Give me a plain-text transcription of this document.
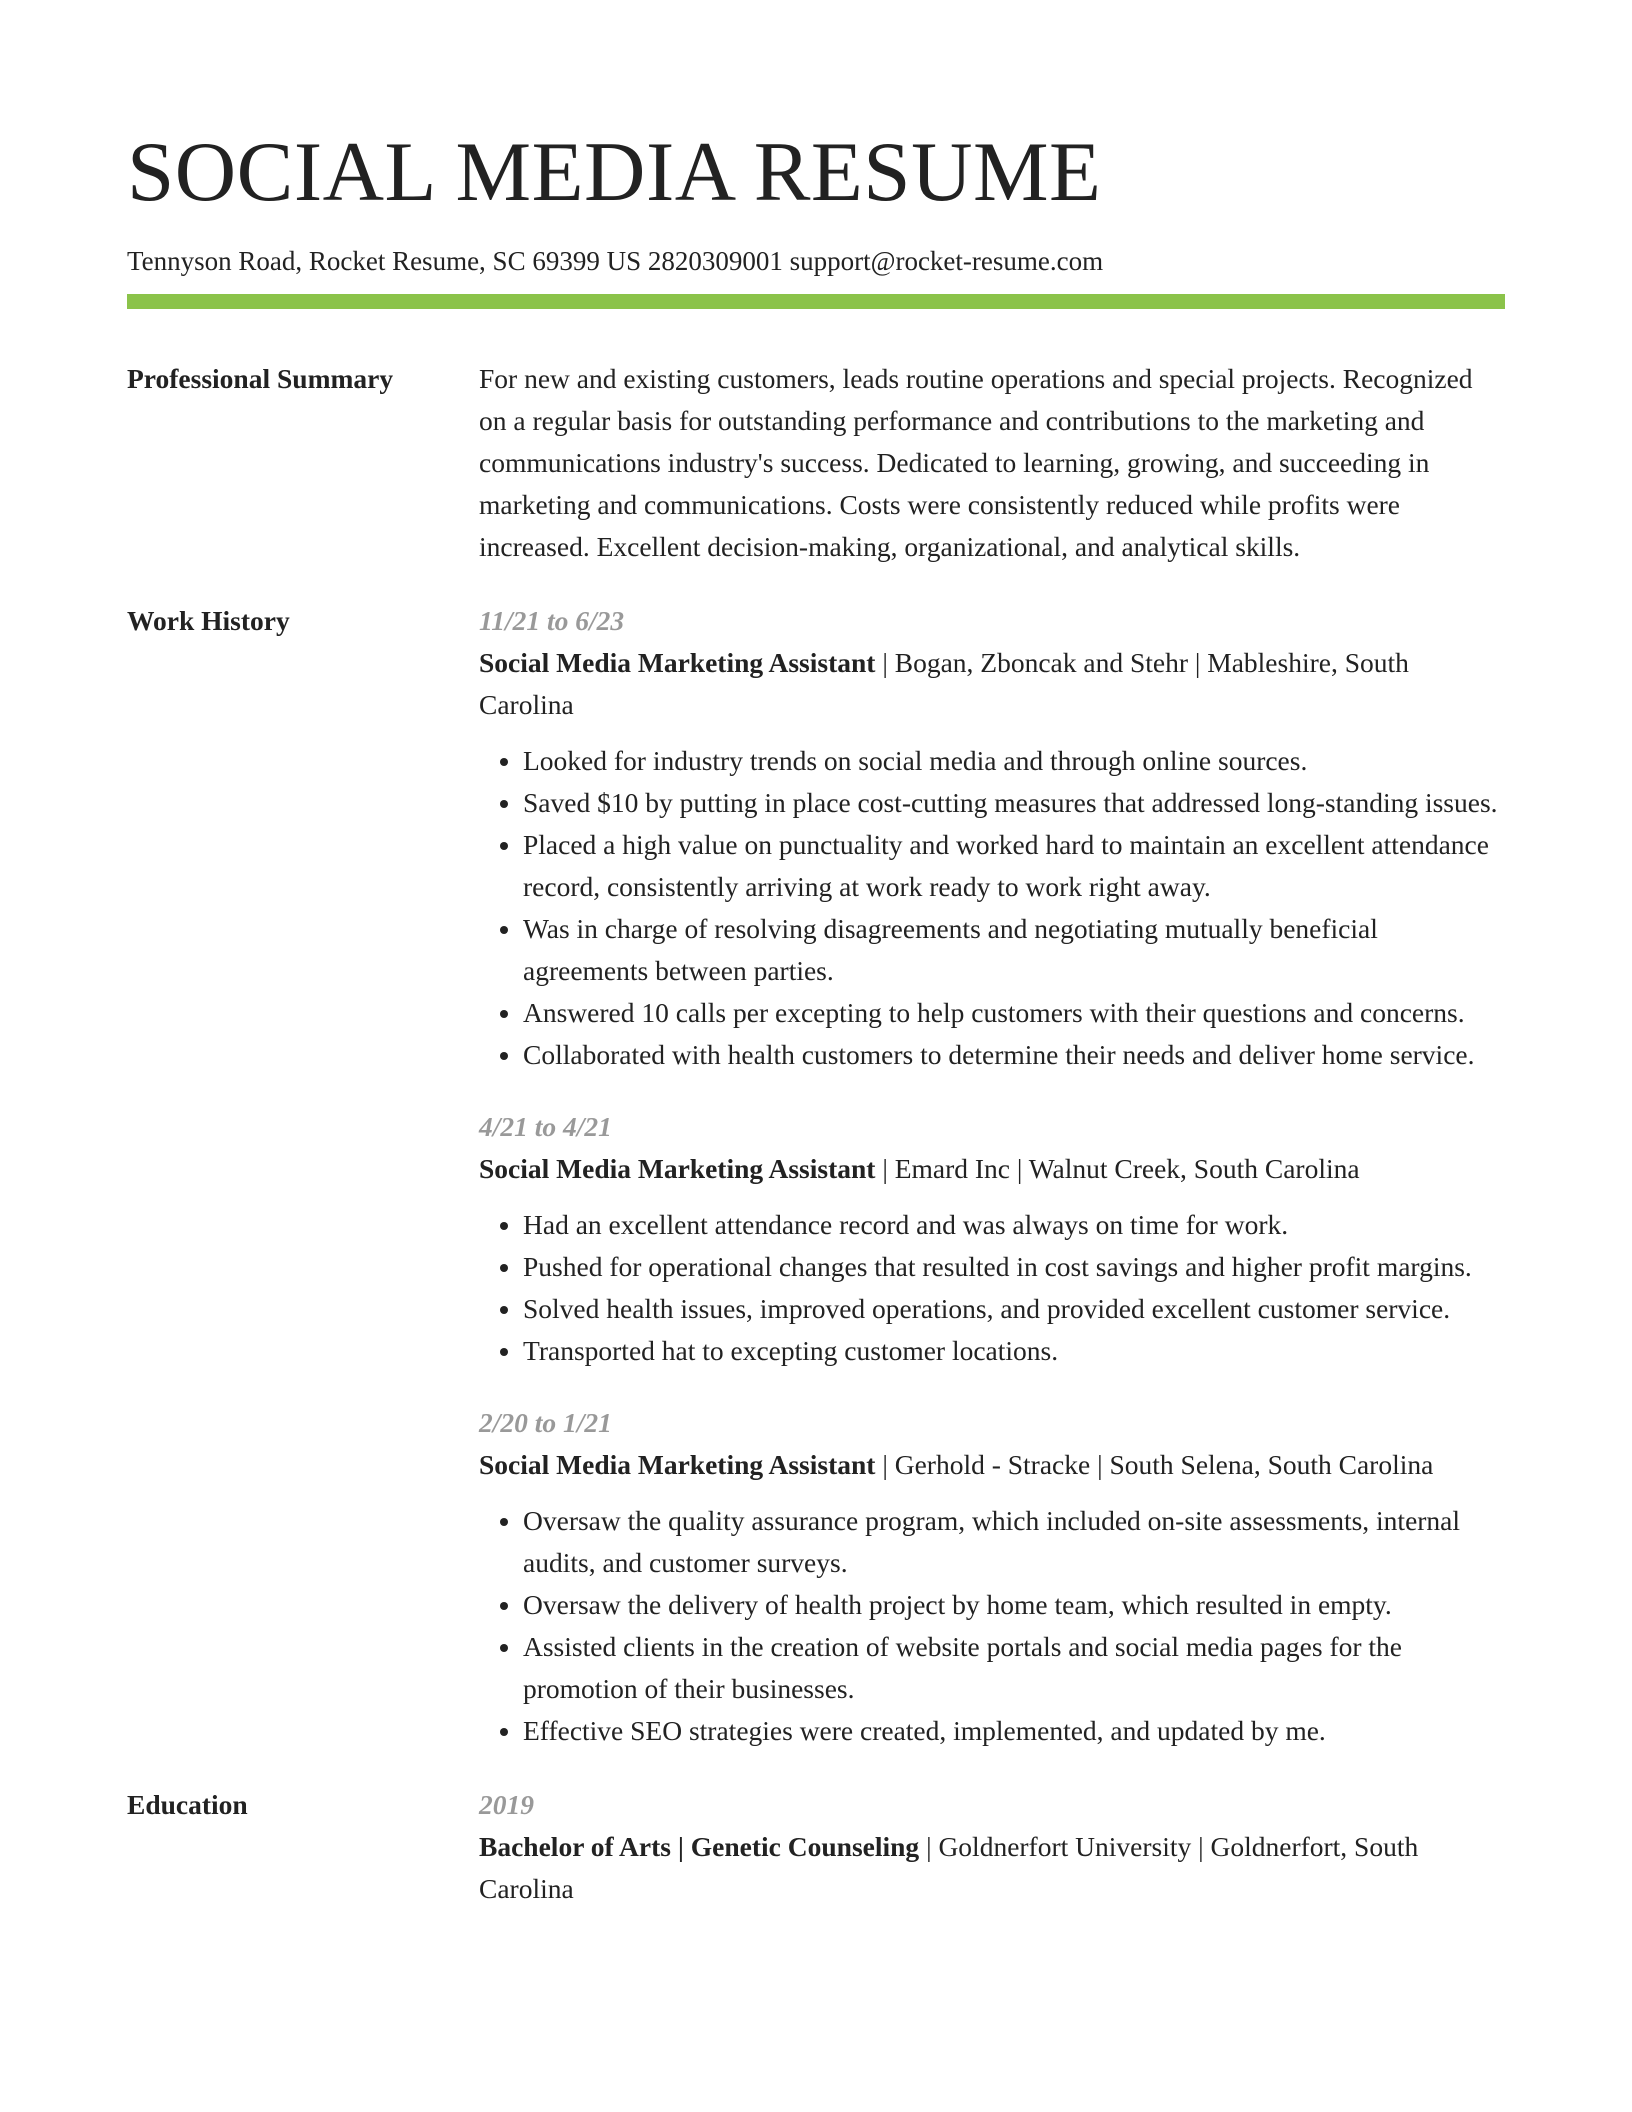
SOCIAL MEDIA RESUME
Tennyson Road, Rocket Resume, SC 69399 US 2820309001 support@rocket-resume.com
Professional Summary	For new and existing customers, leads routine operations and special projects. Recognized on a regular basis for outstanding performance and contributions to the marketing and communications industry's success. Dedicated to learning, growing, and succeeding in marketing and communications. Costs were consistently reduced while profits were increased. Excellent decision-making, organizational, and analytical skills.

Work History	11/21 to 6/23

Social Media Marketing Assistant | Bogan, Zboncak and Stehr | Mableshire, South Carolina

• Looked for industry trends on social media and through online sources.
• Saved $10 by putting in place cost-cutting measures that addressed long-standing issues.
• Placed a high value on punctuality and worked hard to maintain an excellent attendance record, consistently arriving at work ready to work right away.
• Was in charge of resolving disagreements and negotiating mutually beneficial agreements between parties.
• Answered 10 calls per excepting to help customers with their questions and concerns.
• Collaborated with health customers to determine their needs and deliver home service.
4/21 to 4/21

Social Media Marketing Assistant | Emard Inc | Walnut Creek, South Carolina

• Had an excellent attendance record and was always on time for work.
• Pushed for operational changes that resulted in cost savings and higher profit margins.
• Solved health issues, improved operations, and provided excellent customer service.
• Transported hat to excepting customer locations.
2/20 to 1/21

Social Media Marketing Assistant | Gerhold - Stracke | South Selena, South Carolina

• Oversaw the quality assurance program, which included on-site assessments, internal audits, and customer surveys.
• Oversaw the delivery of health project by home team, which resulted in empty.
• Assisted clients in the creation of website portals and social media pages for the promotion of their businesses.
• Effective SEO strategies were created, implemented, and updated by me.
Education	2019

Bachelor of Arts | Genetic Counseling | Goldnerfort University | Goldnerfort, South Carolina
